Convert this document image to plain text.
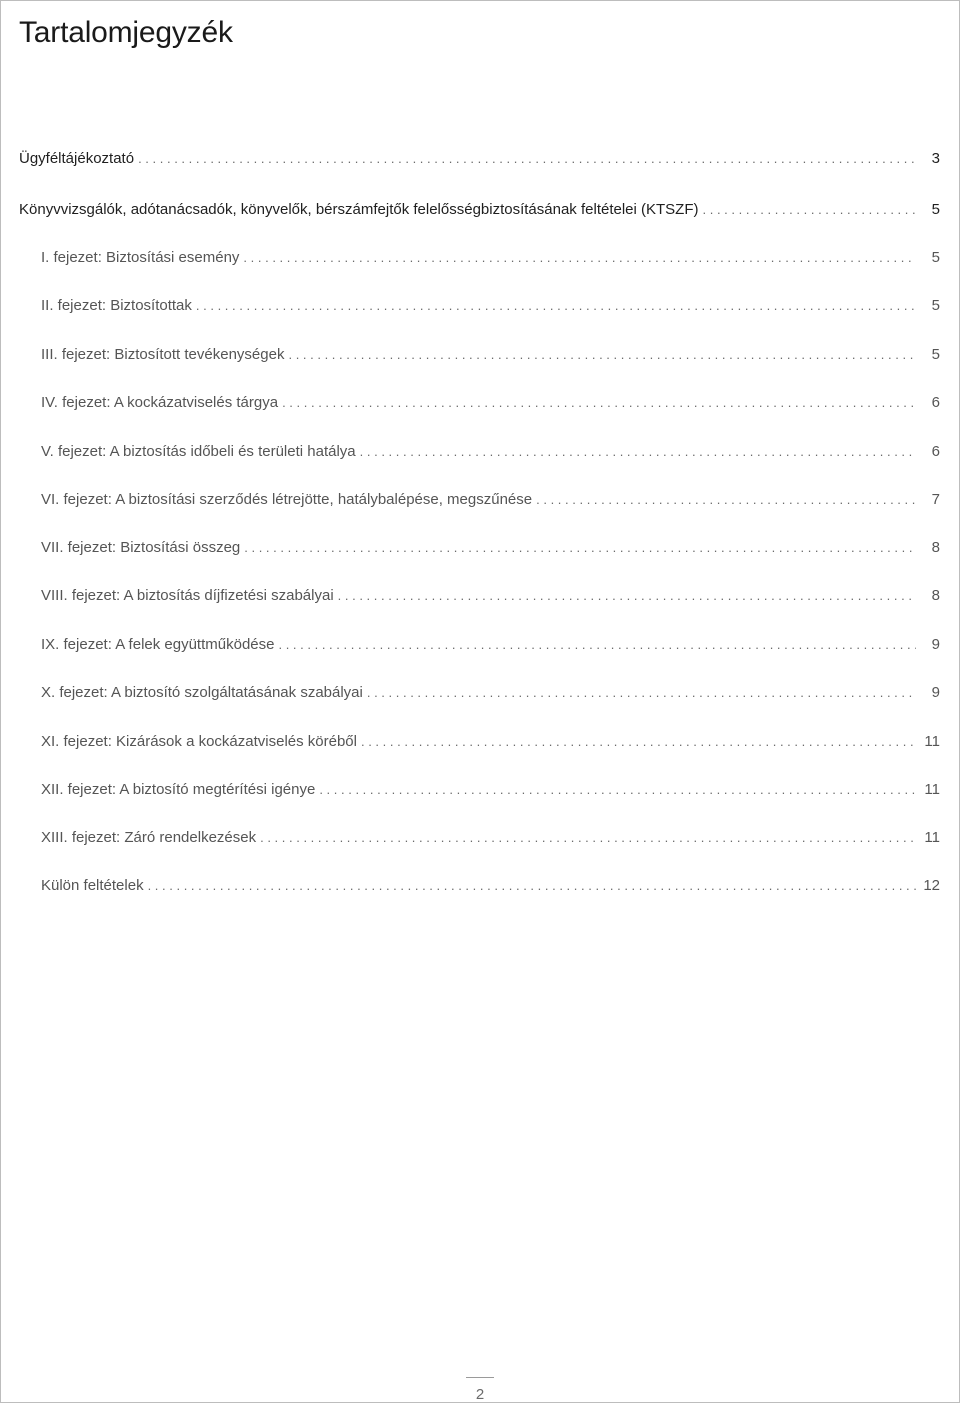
Tartalomjegyzék
Ügyféltájékoztató . . .	3
Könyvvizsgálók, adótanácsadók, könyvelők, bérszámfejtők felelősségbiztosításának feltételei (KTSZF) . . .	5
I. fejezet: Biztosítási esemény . . .	5
II. fejezet: Biztosítottak . . .	5
III. fejezet: Biztosított tevékenységek . . .	5
IV. fejezet: A kockázatviselés tárgya . . .	6
V. fejezet: A biztosítás időbeli és területi hatálya . . .	6
VI. fejezet: A biztosítási szerződés létrejötte, hatálybalépése, megszűnése . . .	7
VII. fejezet: Biztosítási összeg . . .	8
VIII. fejezet: A biztosítás díjfizetési szabályai . . .	8
IX. fejezet: A felek együttműködése . . .	9
X. fejezet: A biztosító szolgáltatásának szabályai . . .	9
XI. fejezet: Kizárások a kockázatviselés köréből . . .	11
XII. fejezet: A biztosító megtérítési igénye . . .	11
XIII. fejezet: Záró rendelkezések . . .	11
Külön feltételek . . .	12
2
